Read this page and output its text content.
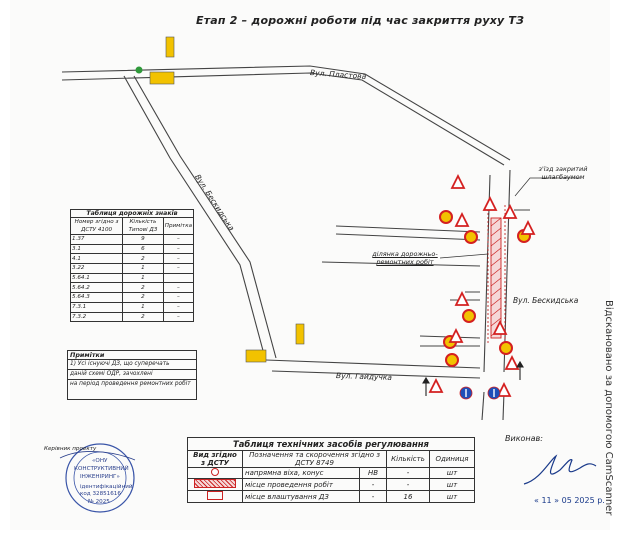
Етап 2 – дорожні роботи під час закриття руху ТЗ
Вул. Пластова
Вул. Бескидська
Вул. Бескидська
Вул. Гайдучка
з'їзд закритий шлагбаумом
ділянка дорожньо-ремонтних робіт
Таблиця дорожніх знаків
Номер згідно з ДСТУ 4100	Кількість
Типові ДЗ	Примітка
1.37	9	–
3.1	6	–
4.1	2	–
3.22	1	–
5.64.1	1	
5.64.2	2	–
5.64.3	2	–
7.3.1	1	–
7.3.2	2	–
Примітки
1) Усі існуючі ДЗ, що суперечать
даній схемі ОДР, зачохлені
на період проведення ремонтних робіт
Таблиця технічних засобів регулювання
Вид згідно з ДСТУ	Позначення та скорочення згідно з ДСТУ 8749		Кількість	Одиниця
	напрямна віха, конус	НВ	-	шт
	місце проведення робіт	-	-	шт
	місце влаштування ДЗ	-	16	шт
Керівник проекту
«ОНУ
КОНСТРУКТИВНИЙ
ІНЖЕНІРИНГ»
ідентифікаційний
код 32851616
№ 2025
Виконав:
« 11 » 05 2025 р.
Відскановано за допомогою CamScanner
